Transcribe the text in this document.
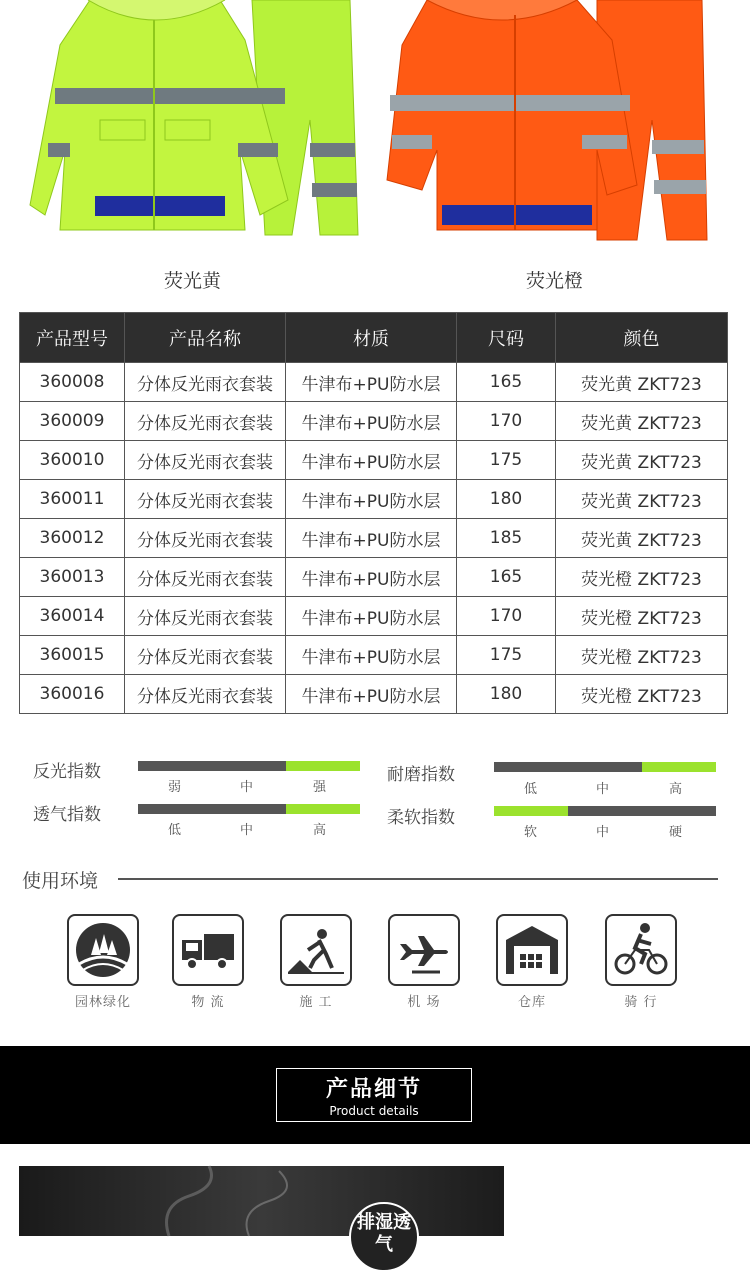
荧光黄	荧光橙
产品型号	产品名称	材质	尺码	颜色
360008	分体反光雨衣套装	牛津布+PU防水层	165	荧光黄 ZKT723
360009	分体反光雨衣套装	牛津布+PU防水层	170	荧光黄 ZKT723
360010	分体反光雨衣套装	牛津布+PU防水层	175	荧光黄 ZKT723
360011	分体反光雨衣套装	牛津布+PU防水层	180	荧光黄 ZKT723
360012	分体反光雨衣套装	牛津布+PU防水层	185	荧光黄 ZKT723
360013	分体反光雨衣套装	牛津布+PU防水层	165	荧光橙 ZKT723
360014	分体反光雨衣套装	牛津布+PU防水层	170	荧光橙 ZKT723
360015	分体反光雨衣套装	牛津布+PU防水层	175	荧光橙 ZKT723
360016	分体反光雨衣套装	牛津布+PU防水层	180	荧光橙 ZKT723
反光指数
弱	中	强
透气指数
低	中	高
耐磨指数
低	中	高
柔软指数
软	中	硬
使用环境
园林绿化	物 流	施 工	机 场	仓库	骑 行
产品细节
Product details
排湿透气
